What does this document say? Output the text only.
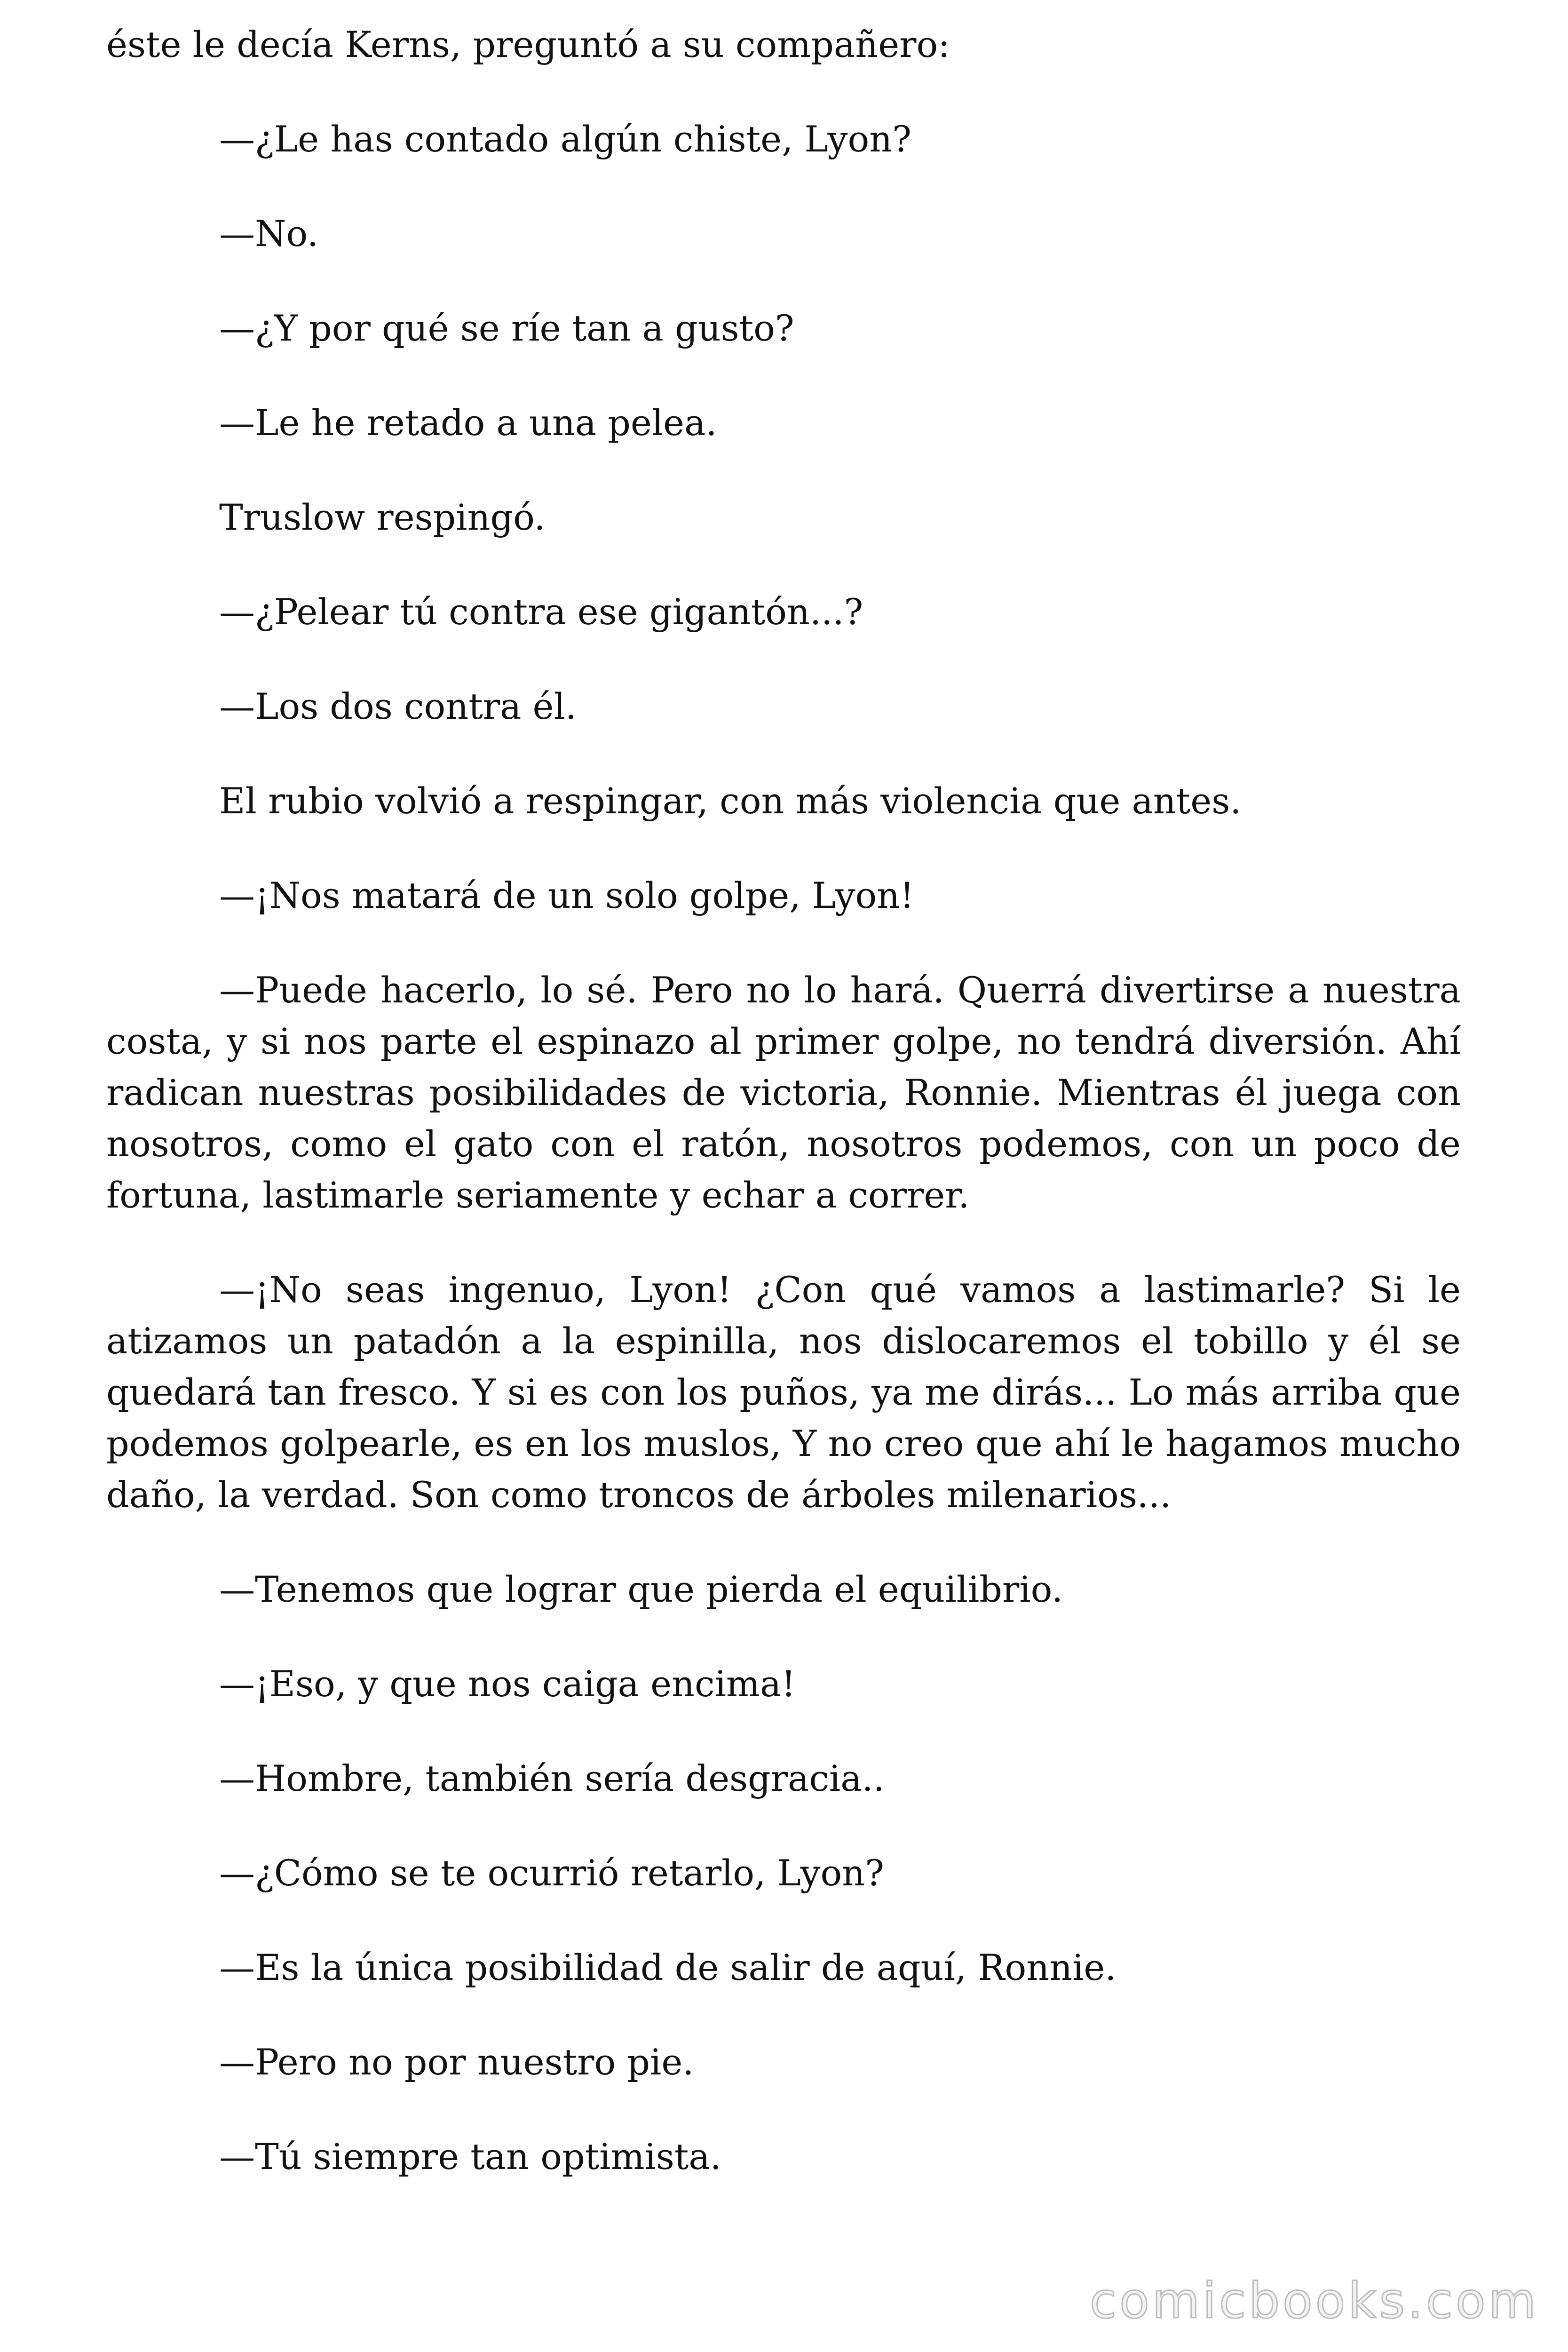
éste le decía Kerns, preguntó a su compañero:

—¿Le has contado algún chiste, Lyon?

—No.

—¿Y por qué se ríe tan a gusto?

—Le he retado a una pelea.

Truslow respingó.

—¿Pelear tú contra ese gigantón...?

—Los dos contra él.

El rubio volvió a respingar, con más violencia que antes.

—¡Nos matará de un solo golpe, Lyon!

—Puede hacerlo, lo sé. Pero no lo hará. Querrá divertirse a nuestra costa, y si nos parte el espinazo al primer golpe, no tendrá diversión. Ahí radican nuestras posibilidades de victoria, Ronnie. Mientras él juega con nosotros, como el gato con el ratón, nosotros podemos, con un poco de fortuna, lastimarle seriamente y echar a correr.

—¡No seas ingenuo, Lyon! ¿Con qué vamos a lastimarle? Si le atizamos un patadón a la espinilla, nos dislocaremos el tobillo y él se quedará tan fresco. Y si es con los puños, ya me dirás... Lo más arriba que podemos golpearle, es en los muslos, Y no creo que ahí le hagamos mucho daño, la verdad. Son como troncos de árboles milenarios...

—Tenemos que lograr que pierda el equilibrio.

—¡Eso, y que nos caiga encima!

—Hombre, también sería desgracia..

—¿Cómo se te ocurrió retarlo, Lyon?

—Es la única posibilidad de salir de aquí, Ronnie.

—Pero no por nuestro pie.

—Tú siempre tan optimista.

comicbooks.com
